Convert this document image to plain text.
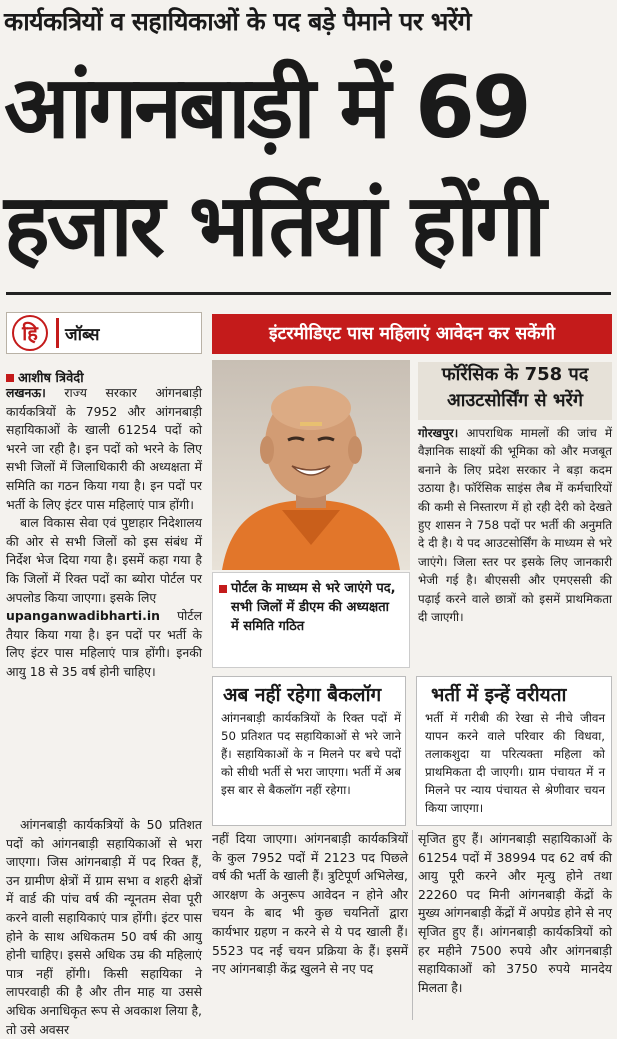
कार्यकत्रियों व सहायिकाओं के पद बड़े पैमाने पर भरेंगे
आंगनबाड़ी में 69
हजार भर्तियां होंगी
हि	जॉब्स	इंटरमीडिएट पास महिलाएं आवेदन कर सकेंगी
आशीष त्रिवेदी

लखनऊ। राज्य सरकार आंगनबाड़ी कार्यकत्रियों के 7952 और आंगनबाड़ी सहायिकाओं के खाली 61254 पदों को भरने जा रही है। इन पदों को भरने के लिए सभी जिलों में जिलाधिकारी की अध्यक्षता में समिति का गठन किया गया है। इन पदों पर भर्ती के लिए इंटर पास महिलाएं पात्र होंगी।

बाल विकास सेवा एवं पुष्टाहार निदेशालय की ओर से सभी जिलों को इस संबंध में निर्देश भेज दिया गया है। इसमें कहा गया है कि जिलों में रिक्त पदों का ब्योरा पोर्टल पर अपलोड किया जाएगा। इसके लिए

upanganwadibharti.in पोर्टल तैयार किया गया है। इन पदों पर भर्ती के लिए इंटर पास महिलाएं पात्र होंगी। इनकी आयु 18 से 35 वर्ष होनी चाहिए।

आंगनबाड़ी कार्यकत्रियों के 50 प्रतिशत पदों को आंगनबाड़ी सहायिकाओं से भरा जाएगा। जिस आंगनबाड़ी में पद रिक्त हैं, उन ग्रामीण क्षेत्रों में ग्राम सभा व शहरी क्षेत्रों में वार्ड की पांच वर्ष की न्यूनतम सेवा पूरी करने वाली सहायिकाएं पात्र होंगी। इंटर पास होने के साथ अधिकतम 50 वर्ष की आयु होनी चाहिए। इससे अधिक उम्र की महिलाएं पात्र नहीं होंगी। किसी सहायिका ने लापरवाही की है और तीन माह या उससे अधिक अनाधिकृत रूप से अवकाश लिया है, तो उसे अवसर

पोर्टल के माध्यम से भरे जाएंगे पद, सभी जिलों में डीएम की अध्यक्षता में समिति गठित
फॉरेंसिक के 758 पद
आउटसोर्सिंग से भरेंगे

गोरखपुर। आपराधिक मामलों की जांच में वैज्ञानिक साक्ष्यों की भूमिका को और मजबूत बनाने के लिए प्रदेश सरकार ने बड़ा कदम उठाया है। फॉरेंसिक साइंस लैब में कर्मचारियों की कमी से निस्तारण में हो रही देरी को देखते हुए शासन ने 758 पदों पर भर्ती की अनुमति दे दी है। ये पद आउटसोर्सिंग के माध्यम से भरे जाएंगे। जिला स्तर पर इसके लिए जानकारी भेजी गई है। बीएससी और एमएससी की पढ़ाई करने वाले छात्रों को इसमें प्राथमिकता दी जाएगी।

अब नहीं रहेगा बैकलॉग

आंगनबाड़ी कार्यकत्रियों के रिक्त पदों में 50 प्रतिशत पद सहायिकाओं से भरे जाने हैं। सहायिकाओं के न मिलने पर बचे पदों को सीधी भर्ती से भरा जाएगा। भर्ती में अब इस बार से बैकलॉग नहीं रहेगा।

भर्ती में इन्हें वरीयता

भर्ती में गरीबी की रेखा से नीचे जीवन यापन करने वाले परिवार की विधवा, तलाकशुदा या परित्यक्ता महिला को प्राथमिकता दी जाएगी। ग्राम पंचायत में न मिलने पर न्याय पंचायत से श्रेणीवार चयन किया जाएगा।

नहीं दिया जाएगा। आंगनबाड़ी कार्यकत्रियों के कुल 7952 पदों में 2123 पद पिछले वर्ष की भर्ती के खाली हैं। त्रुटिपूर्ण अभिलेख, आरक्षण के अनुरूप आवेदन न होने और चयन के बाद भी कुछ चयनितों द्वारा कार्यभार ग्रहण न करने से ये पद खाली हैं। 5523 पद नई चयन प्रक्रिया के हैं। इसमें नए आंगनबाड़ी केंद्र खुलने से नए पद

सृजित हुए हैं। आंगनबाड़ी सहायिकाओं के 61254 पदों में 38994 पद 62 वर्ष की आयु पूरी करने और मृत्यु होने तथा 22260 पद मिनी आंगनबाड़ी केंद्रों के मुख्य आंगनबाड़ी केंद्रों में अपग्रेड होने से नए सृजित हुए हैं। आंगनबाड़ी कार्यकत्रियों को हर महीने 7500 रुपये और आंगनबाड़ी सहायिकाओं को 3750 रुपये मानदेय मिलता है।
